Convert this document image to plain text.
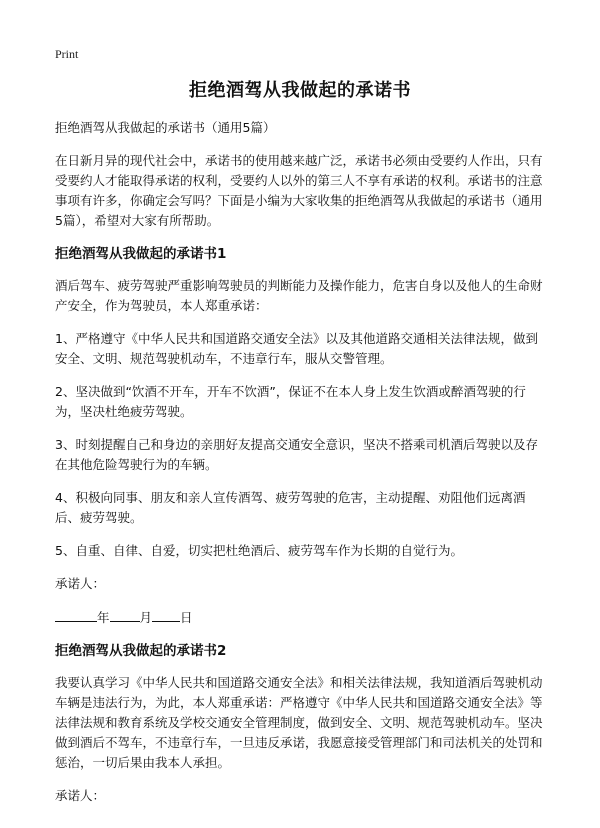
Print
拒绝酒驾从我做起的承诺书

拒绝酒驾从我做起的承诺书（通用5篇）

在日新月异的现代社会中，承诺书的使用越来越广泛，承诺书必须由受要约人作出，只有受要约人才能取得承诺的权利，受要约人以外的第三人不享有承诺的权利。承诺书的注意事项有许多，你确定会写吗？下面是小编为大家收集的拒绝酒驾从我做起的承诺书（通用5篇），希望对大家有所帮助。

拒绝酒驾从我做起的承诺书1

酒后驾车、疲劳驾驶严重影响驾驶员的判断能力及操作能力，危害自身以及他人的生命财产安全，作为驾驶员，本人郑重承诺：

1、严格遵守《中华人民共和国道路交通安全法》以及其他道路交通相关法律法规，做到安全、文明、规范驾驶机动车，不违章行车，服从交警管理。

2、坚决做到“饮酒不开车，开车不饮酒”，保证不在本人身上发生饮酒或醉酒驾驶的行为，坚决杜绝疲劳驾驶。

3、时刻提醒自己和身边的亲朋好友提高交通安全意识，坚决不搭乘司机酒后驾驶以及存在其他危险驾驶行为的车辆。

4、积极向同事、朋友和亲人宣传酒驾、疲劳驾驶的危害，主动提醒、劝阻他们远离酒后、疲劳驾驶。

5、自重、自律、自爱，切实把杜绝酒后、疲劳驾车作为长期的自觉行为。

承诺人：

年 月 日

拒绝酒驾从我做起的承诺书2

我要认真学习《中华人民共和国道路交通安全法》和相关法律法规，我知道酒后驾驶机动车辆是违法行为，为此，本人郑重承诺：严格遵守《中华人民共和国道路交通安全法》等法律法规和教育系统及学校交通安全管理制度，做到安全、文明、规范驾驶机动车。坚决做到酒后不驾车，不违章行车，一旦违反承诺，我愿意接受管理部门和司法机关的处罚和惩治，一切后果由我本人承担。

承诺人：
